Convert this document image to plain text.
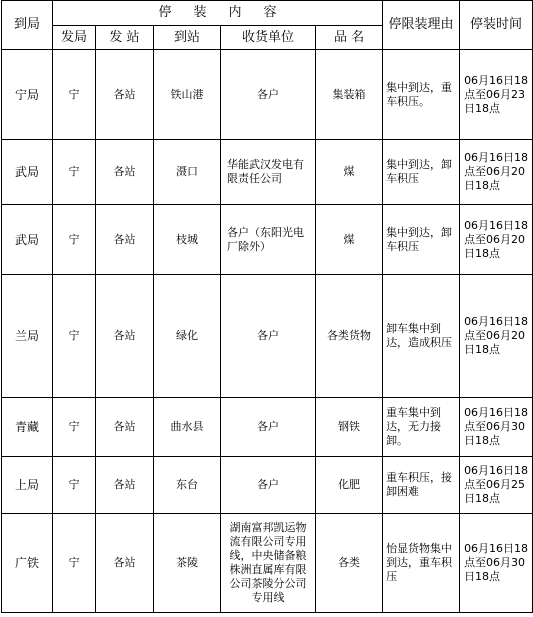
到局	停装内容					停限装理由	停装时间
	发局	发 站	到站	收货单位	品 名		
宁局	宁	各站	铁山港	各户	集装箱	集中到达，重车积压。	06月16日18点至06月23日18点
武局	宁	各站	滠口	华能武汉发电有限责任公司	煤	集中到达，卸车积压	06月16日18点至06月20日18点
武局	宁	各站	枝城	各户（东阳光电厂除外）	煤	集中到达，卸车积压	06月16日18点至06月20日18点
兰局	宁	各站	绿化	各户	各类货物	卸车集中到达，造成积压	06月16日18点至06月20日18点
青藏	宁	各站	曲水县	各户	钢铁	重车集中到达，无力接卸。	06月16日18点至06月30日18点
上局	宁	各站	东台	各户	化肥	重车积压，接卸困难	06月16日18点至06月25日18点
广铁	宁	各站	茶陵	湖南富邦凯运物流有限公司专用线，中央储备粮株洲直属库有限公司茶陵分公司专用线	各类	怡显货物集中到达，重车积压	06月16日18点至06月30日18点
